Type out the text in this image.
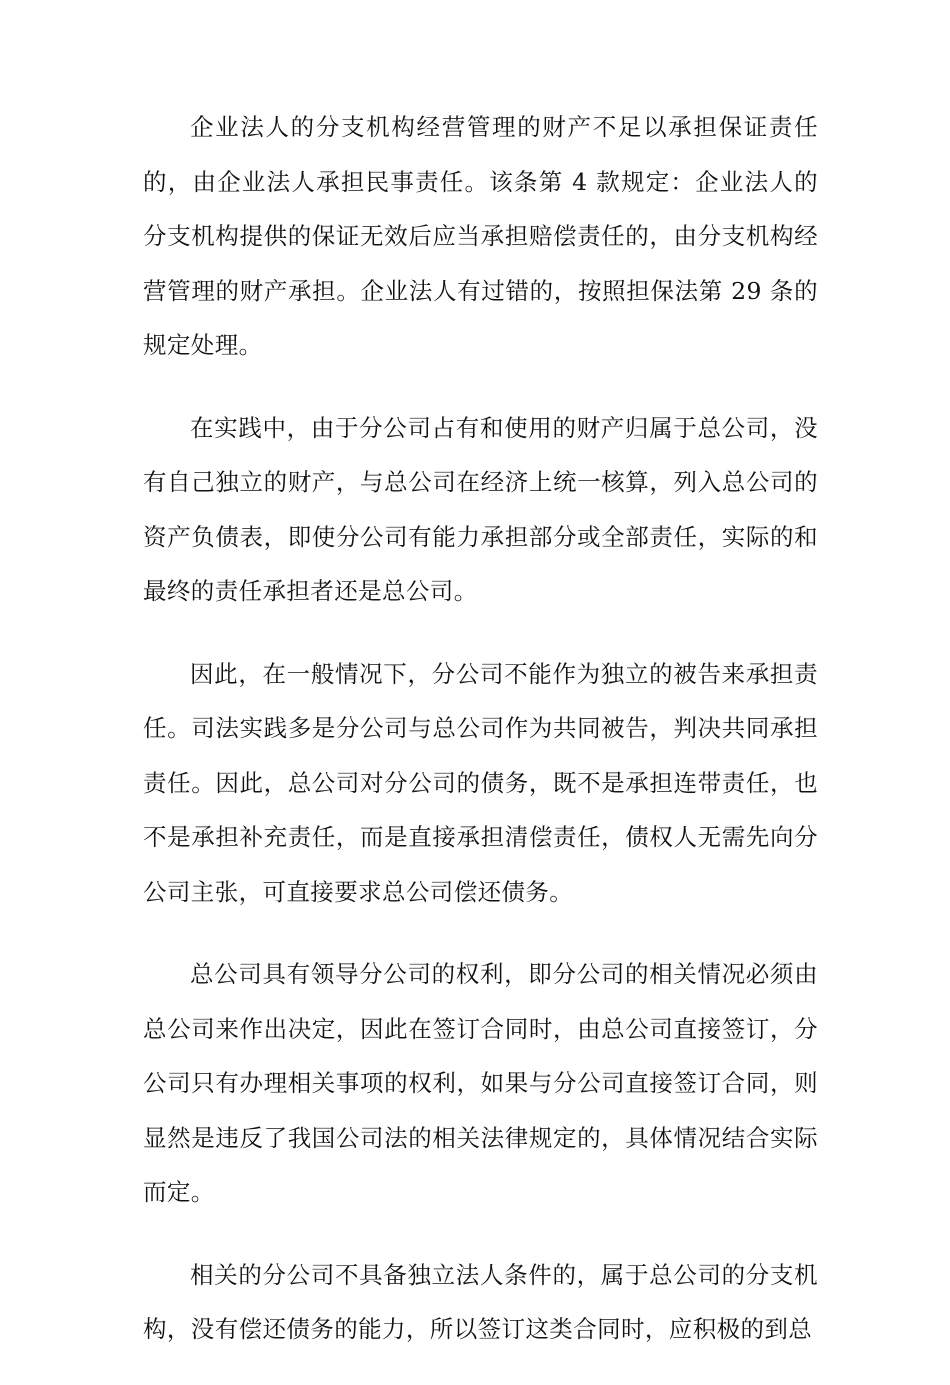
企业法人的分支机构经营管理的财产不足以承担保证责任的，由企业法人承担民事责任。该条第 4 款规定：企业法人的分支机构提供的保证无效后应当承担赔偿责任的，由分支机构经营管理的财产承担。企业法人有过错的，按照担保法第 29 条的规定处理。

在实践中，由于分公司占有和使用的财产归属于总公司，没有自己独立的财产，与总公司在经济上统一核算，列入总公司的资产负债表，即使分公司有能力承担部分或全部责任，实际的和最终的责任承担者还是总公司。

因此，在一般情况下，分公司不能作为独立的被告来承担责任。司法实践多是分公司与总公司作为共同被告，判决共同承担责任。因此，总公司对分公司的债务，既不是承担连带责任，也不是承担补充责任，而是直接承担清偿责任，债权人无需先向分公司主张，可直接要求总公司偿还债务。

总公司具有领导分公司的权利，即分公司的相关情况必须由总公司来作出决定，因此在签订合同时，由总公司直接签订，分公司只有办理相关事项的权利，如果与分公司直接签订合同，则显然是违反了我国公司法的相关法律规定的，具体情况结合实际而定。

相关的分公司不具备独立法人条件的，属于总公司的分支机构，没有偿还债务的能力，所以签订这类合同时，应积极的到总
